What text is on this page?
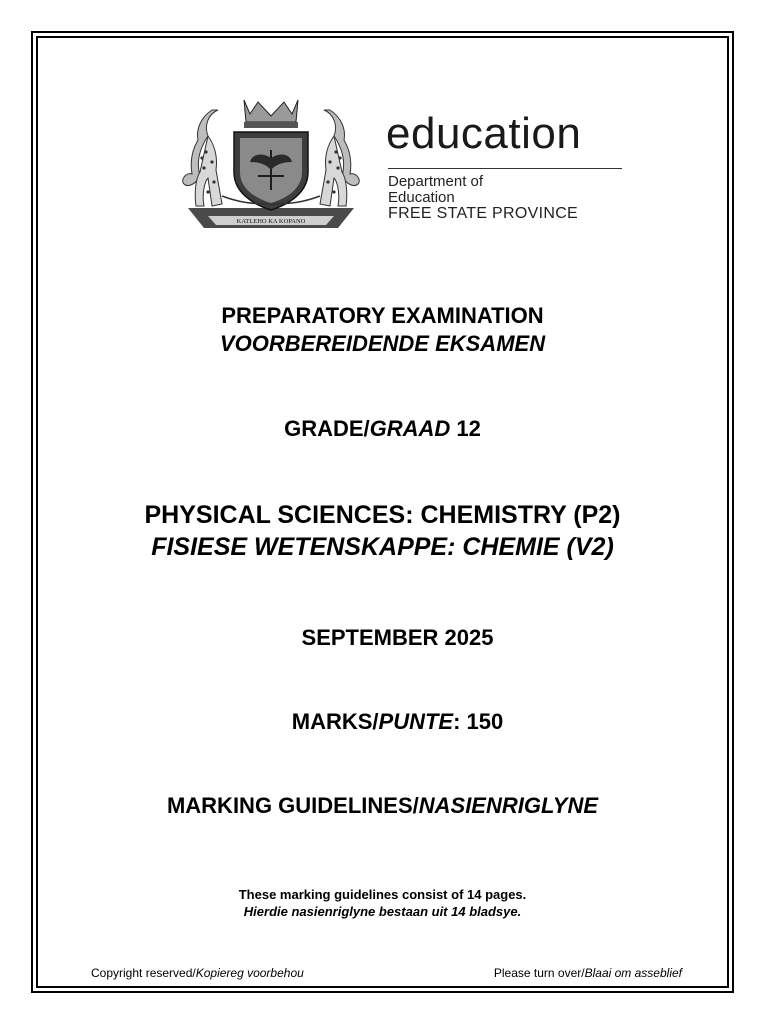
KATLEHO KA KOPANO
education
Department of
Education
FREE STATE PROVINCE
PREPARATORY EXAMINATION
VOORBEREIDENDE EKSAMEN
GRADE/GRAAD 12
PHYSICAL SCIENCES: CHEMISTRY (P2)
FISIESE WETENSKAPPE: CHEMIE (V2)
SEPTEMBER 2025
MARKS/PUNTE: 150
MARKING GUIDELINES/NASIENRIGLYNE
These marking guidelines consist of 14 pages.
Hierdie nasienriglyne bestaan uit 14 bladsye.
Copyright reserved/Kopiereg voorbehou	Please turn over/Blaai om asseblief
